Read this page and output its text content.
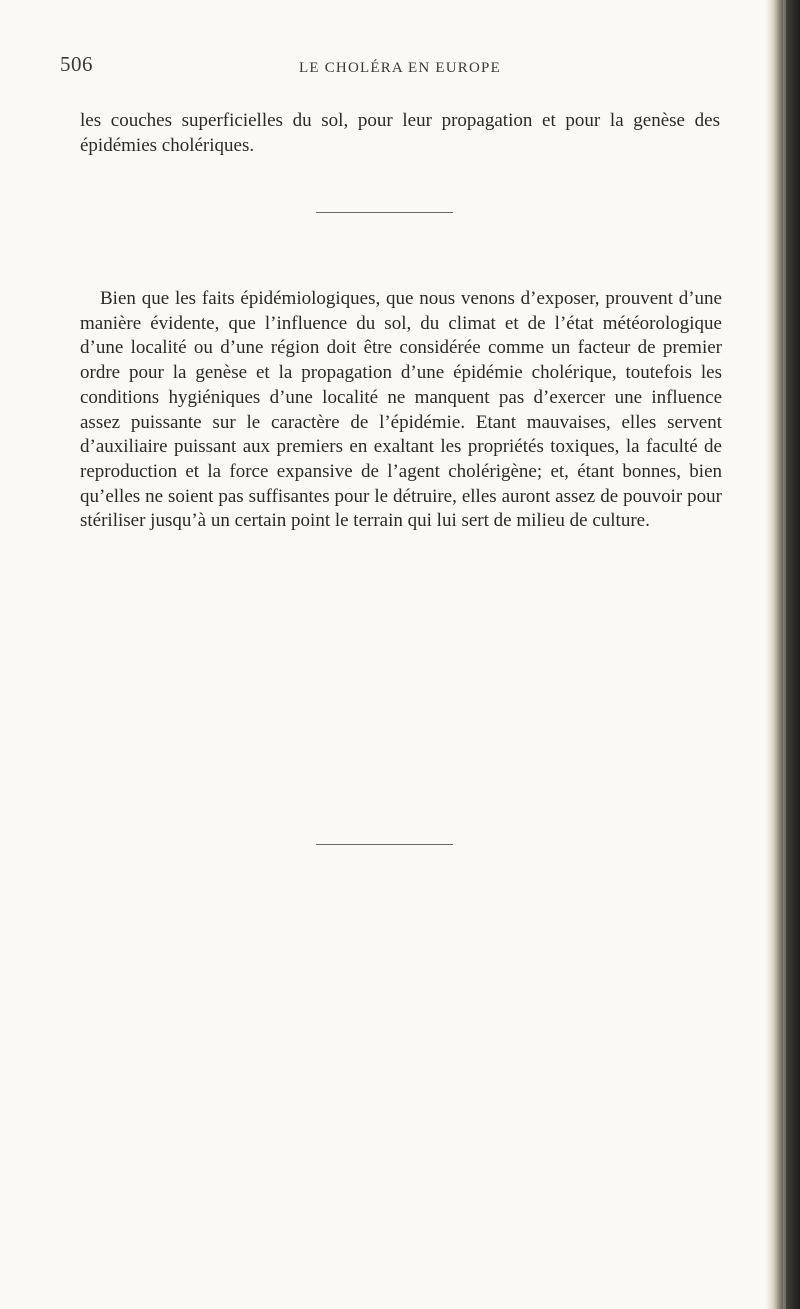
506	LE CHOLÉRA EN EUROPE

les couches superficielles du sol, pour leur propagation et pour la genèse des épidémies cholériques.

Bien que les faits épidémiologiques, que nous venons d’exposer, prouvent d’une manière évidente, que l’influence du sol, du climat et de l’état météorologique d’une localité ou d’une région doit être considérée comme un facteur de premier ordre pour la genèse et la propagation d’une épidémie cholérique, toutefois les conditions hygiéniques d’une localité ne manquent pas d’exercer une influence assez puissante sur le caractère de l’épidémie. Etant mauvaises, elles servent d’auxiliaire puissant aux premiers en exaltant les propriétés toxiques, la faculté de reproduction et la force expansive de l’agent cholérigène; et, étant bonnes, bien qu’elles ne soient pas suffisantes pour le détruire, elles auront assez de pouvoir pour stériliser jusqu’à un certain point le terrain qui lui sert de milieu de culture.
